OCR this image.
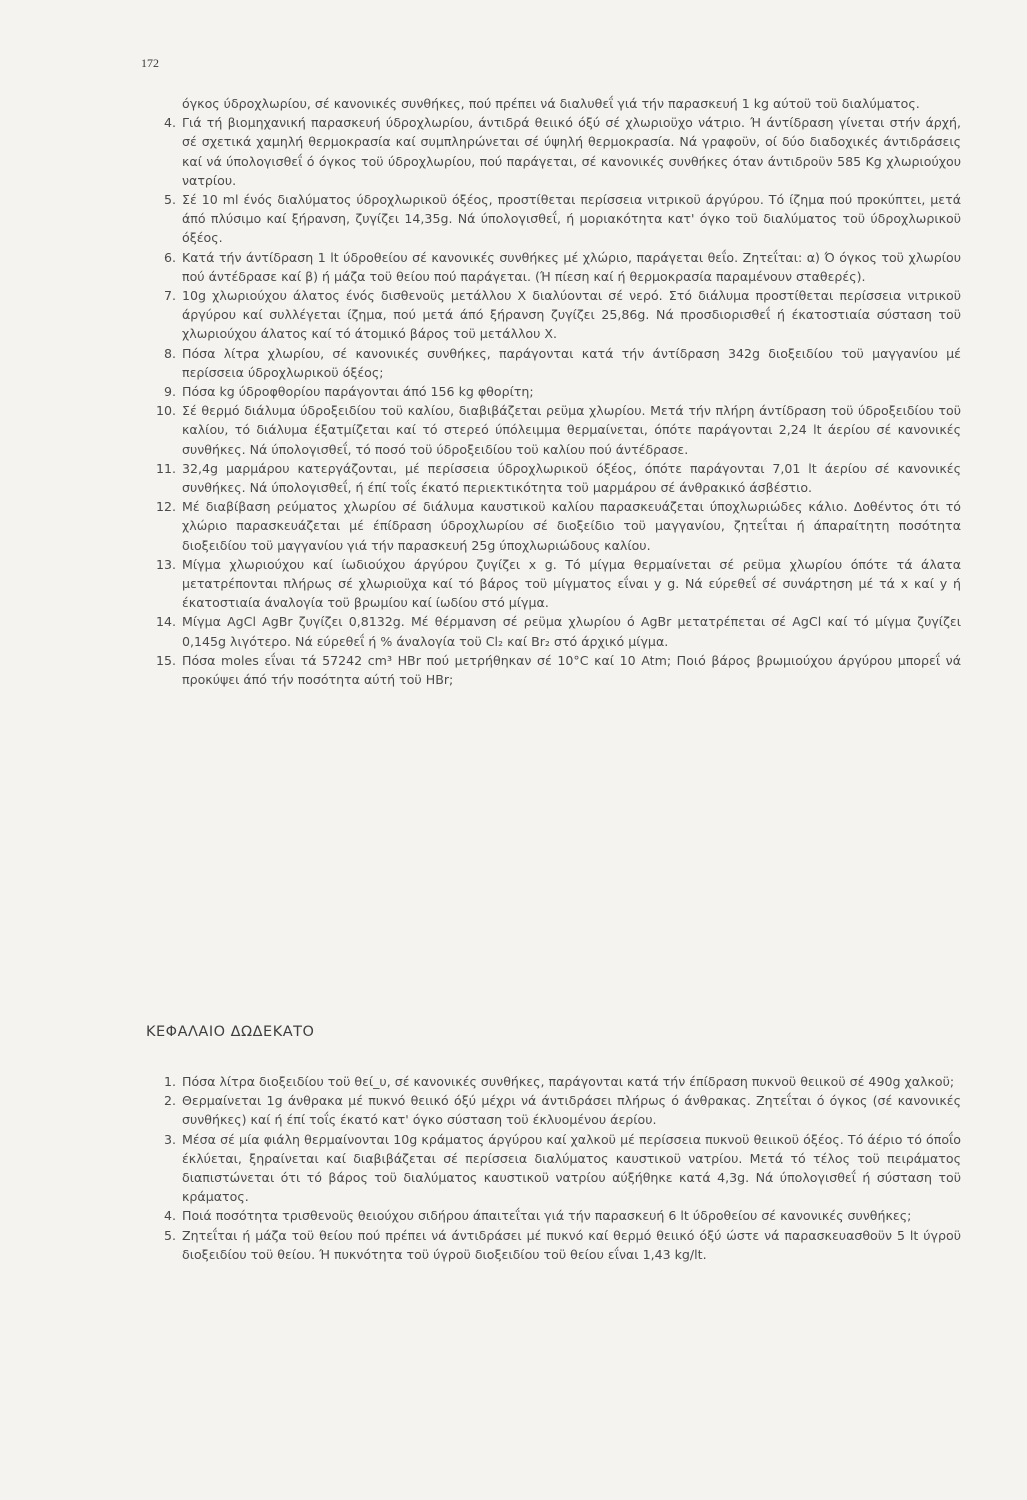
172

όγκος ύδροχλωρίου, σέ κανονικές συνθήκες, πού πρέπει νά διαλυθεΐ γιά τήν παρασκευή 1 kg αύτοϋ τοϋ διαλύματος.

4. Γιά τή βιομηχανική παρασκευή ύδροχλωρίου, άντιδρά θειικό όξύ σέ χλωριοϋχο νάτριο. Ή άντίδραση γίνεται στήν άρχή, σέ σχετικά χαμηλή θερμοκρασία καί συμπληρώνεται σέ ύψηλή θερμοκρασία. Νά γραφοϋν, οί δύο διαδοχικές άντιδράσεις καί νά ύπολογισθεΐ ό όγκος τοϋ ύδροχλωρίου, πού παράγεται, σέ κανονικές συνθήκες όταν άντιδροϋν 585 Kg χλωριούχου νατρίου.

5. Σέ 10 ml ένός διαλύματος ύδροχλωρικοϋ όξέος, προστίθεται περίσσεια νιτρικοϋ άργύρου. Τό ίζημα πού προκύπτει, μετά άπό πλύσιμο καί ξήρανση, ζυγίζει 14,35g. Νά ύπολογισθεΐ, ή μοριακότητα κατ' όγκο τοϋ διαλύματος τοϋ ύδροχλωρικοϋ όξέος.

6. Κατά τήν άντίδραση 1 lt ύδροθείου σέ κανονικές συνθήκες μέ χλώριο, παράγεται θεΐο. Ζητεΐται: α) Ό όγκος τοϋ χλωρίου πού άντέδρασε καί β) ή μάζα τοϋ θείου πού παράγεται. (Ή πίεση καί ή θερμοκρασία παραμένουν σταθερές).

7. 10g χλωριούχου άλατος ένός δισθενοϋς μετάλλου Χ διαλύονται σέ νερό. Στό διάλυμα προστίθεται περίσσεια νιτρικοϋ άργύρου καί συλλέγεται ίζημα, πού μετά άπό ξήρανση ζυγίζει 25,86g. Νά προσδιορισθεΐ ή έκατοστιαία σύσταση τοϋ χλωριούχου άλατος καί τό άτομικό βάρος τοϋ μετάλλου Χ.

8. Πόσα λίτρα χλωρίου, σέ κανονικές συνθήκες, παράγονται κατά τήν άντίδραση 342g διοξειδίου τοϋ μαγγανίου μέ περίσσεια ύδροχλωρικοϋ όξέος;

9. Πόσα kg ύδροφθορίου παράγονται άπό 156 kg φθορίτη;

10. Σέ θερμό διάλυμα ύδροξειδίου τοϋ καλίου, διαβιβάζεται ρεϋμα χλωρίου. Μετά τήν πλήρη άντίδραση τοϋ ύδροξειδίου τοϋ καλίου, τό διάλυμα έξατμίζεται καί τό στερεό ύπόλειμμα θερμαίνεται, όπότε παράγονται 2,24 lt άερίου σέ κανονικές συνθήκες. Νά ύπολογισθεΐ, τό ποσό τοϋ ύδροξειδίου τοϋ καλίου πού άντέδρασε.

11. 32,4g μαρμάρου κατεργάζονται, μέ περίσσεια ύδροχλωρικοϋ όξέος, όπότε παράγονται 7,01 lt άερίου σέ κανονικές συνθήκες. Νά ύπολογισθεΐ, ή έπί τοΐς έκατό περιεκτικότητα τοϋ μαρμάρου σέ άνθρακικό άσβέστιο.

12. Μέ διαβίβαση ρεύματος χλωρίου σέ διάλυμα καυστικοϋ καλίου παρασκευάζεται ύποχλωριώδες κάλιο. Δοθέντος ότι τό χλώριο παρασκευάζεται μέ έπίδραση ύδροχλωρίου σέ διοξείδιο τοϋ μαγγανίου, ζητεΐται ή άπαραίτητη ποσότητα διοξειδίου τοϋ μαγγανίου γιά τήν παρασκευή 25g ύποχλωριώδους καλίου.

13. Μίγμα χλωριούχου καί ίωδιούχου άργύρου ζυγίζει x g. Τό μίγμα θερμαίνεται σέ ρεϋμα χλωρίου όπότε τά άλατα μετατρέπονται πλήρως σέ χλωριοϋχα καί τό βάρος τοϋ μίγματος εΐναι y g. Νά εύρεθεΐ σέ συνάρτηση μέ τά x καί y ή έκατοστιαία άναλογία τοϋ βρωμίου καί ίωδίου στό μίγμα.

14. Μίγμα AgCl AgBr ζυγίζει 0,8132g. Μέ θέρμανση σέ ρεϋμα χλωρίου ό AgBr μετατρέπεται σέ AgCl καί τό μίγμα ζυγίζει 0,145g λιγότερο. Νά εύρεθεΐ ή % άναλογία τοϋ Cl₂ καί Br₂ στό άρχικό μίγμα.

15. Πόσα moles εΐναι τά 57242 cm³ HBr πού μετρήθηκαν σέ 10°C καί 10 Atm; Ποιό βάρος βρωμιούχου άργύρου μπορεΐ νά προκύψει άπό τήν ποσότητα αύτή τοϋ HBr;

ΚΕΦΑΛΑΙΟ ΔΩΔΕΚΑΤΟ

1. Πόσα λίτρα διοξειδίου τοϋ θεί_υ, σέ κανονικές συνθήκες, παράγονται κατά τήν έπίδραση πυκνοϋ θειικοϋ σέ 490g χαλκοϋ;

2. Θερμαίνεται 1g άνθρακα μέ πυκνό θειικό όξύ μέχρι νά άντιδράσει πλήρως ό άνθρακας. Ζητεΐται ό όγκος (σέ κανονικές συνθήκες) καί ή έπί τοΐς έκατό κατ' όγκο σύσταση τοϋ έκλυομένου άερίου.

3. Μέσα σέ μία φιάλη θερμαίνονται 10g κράματος άργύρου καί χαλκοϋ μέ περίσσεια πυκνοϋ θειικοϋ όξέος. Τό άέριο τό όποΐο έκλύεται, ξηραίνεται καί διαβιβάζεται σέ περίσσεια διαλύματος καυστικοϋ νατρίου. Μετά τό τέλος τοϋ πειράματος διαπιστώνεται ότι τό βάρος τοϋ διαλύματος καυστικοϋ νατρίου αύξήθηκε κατά 4,3g. Νά ύπολογισθεΐ ή σύσταση τοϋ κράματος.

4. Ποιά ποσότητα τρισθενοϋς θειούχου σιδήρου άπαιτεΐται γιά τήν παρασκευή 6 lt ύδροθείου σέ κανονικές συνθήκες;

5. Ζητεΐται ή μάζα τοϋ θείου πού πρέπει νά άντιδράσει μέ πυκνό καί θερμό θειικό όξύ ώστε νά παρασκευασθοϋν 5 lt ύγροϋ διοξειδίου τοϋ θείου. Ή πυκνότητα τοϋ ύγροϋ διοξειδίου τοϋ θείου εΐναι 1,43 kg/lt.
